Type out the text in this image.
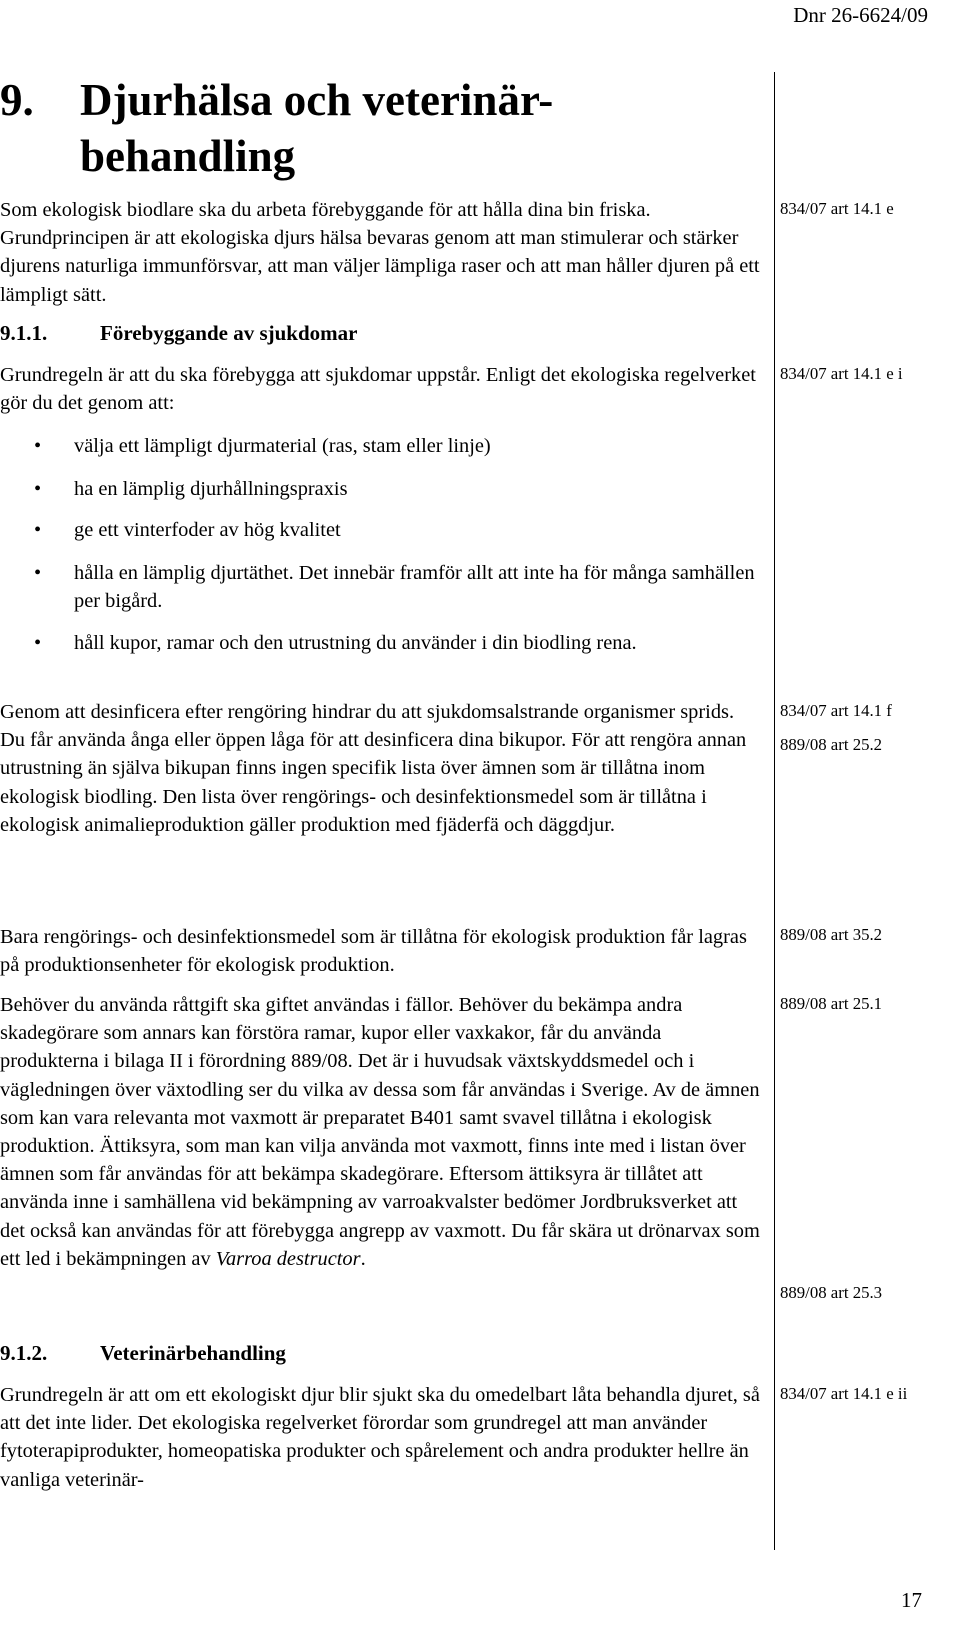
Dnr 26-6624/09
9. Djurhälsa och veterinär-behandling
Som ekologisk biodlare ska du arbeta förebyggande för att hålla dina bin friska. Grundprincipen är att ekologiska djurs hälsa bevaras genom att man stimulerar och stärker djurens naturliga immunförsvar, att man väljer lämpliga raser och att man håller djuren på ett lämpligt sätt.
9.1.1.	Förebyggande av sjukdomar
Grundregeln är att du ska förebygga att sjukdomar uppstår. Enligt det ekologiska regelverket gör du det genom att:
• välja ett lämpligt djurmaterial (ras, stam eller linje)
• ha en lämplig djurhållningspraxis
• ge ett vinterfoder av hög kvalitet
• hålla en lämplig djurtäthet. Det innebär framför allt att inte ha för många samhällen per bigård.
• håll kupor, ramar och den utrustning du använder i din biodling rena.
Genom att desinficera efter rengöring hindrar du att sjukdomsalstrande organismer sprids. Du får använda ånga eller öppen låga för att desinficera dina bikupor. För att rengöra annan utrustning än själva bikupan finns ingen specifik lista över ämnen som är tillåtna inom ekologisk biodling. Den lista över rengörings- och desinfektionsmedel som är tillåtna i ekologisk animalieproduktion gäller produktion med fjäderfä och däggdjur.
Bara rengörings- och desinfektionsmedel som är tillåtna för ekologisk produktion får lagras på produktionsenheter för ekologisk produktion.
Behöver du använda råttgift ska giftet användas i fällor. Behöver du bekämpa andra skadegörare som annars kan förstöra ramar, kupor eller vaxkakor, får du använda produkterna i bilaga II i förordning 889/08. Det är i huvudsak växtskyddsmedel och i vägledningen över växtodling ser du vilka av dessa som får användas i Sverige. Av de ämnen som kan vara relevanta mot vaxmott är preparatet B401 samt svavel tillåtna i ekologisk produktion. Ättiksyra, som man kan vilja använda mot vaxmott, finns inte med i listan över ämnen som får användas för att bekämpa skadegörare. Eftersom ättiksyra är tillåtet att använda inne i samhällena vid bekämpning av varroakvalster bedömer Jordbruksverket att det också kan användas för att förebygga angrepp av vaxmott. Du får skära ut drönarvax som ett led i bekämpningen av Varroa destructor.
9.1.2.	Veterinärbehandling
Grundregeln är att om ett ekologiskt djur blir sjukt ska du omedelbart låta behandla djuret, så att det inte lider. Det ekologiska regelverket förordar som grundregel att man använder fytoterapiprodukter, homeopatiska produkter och spårelement och andra produkter hellre än vanliga veterinär-
834/07 art 14.1 e
834/07 art 14.1 e i
834/07 art 14.1 f
889/08 art 25.2
889/08 art 35.2
889/08 art 25.1
889/08 art 25.3
834/07 art 14.1 e ii
17
